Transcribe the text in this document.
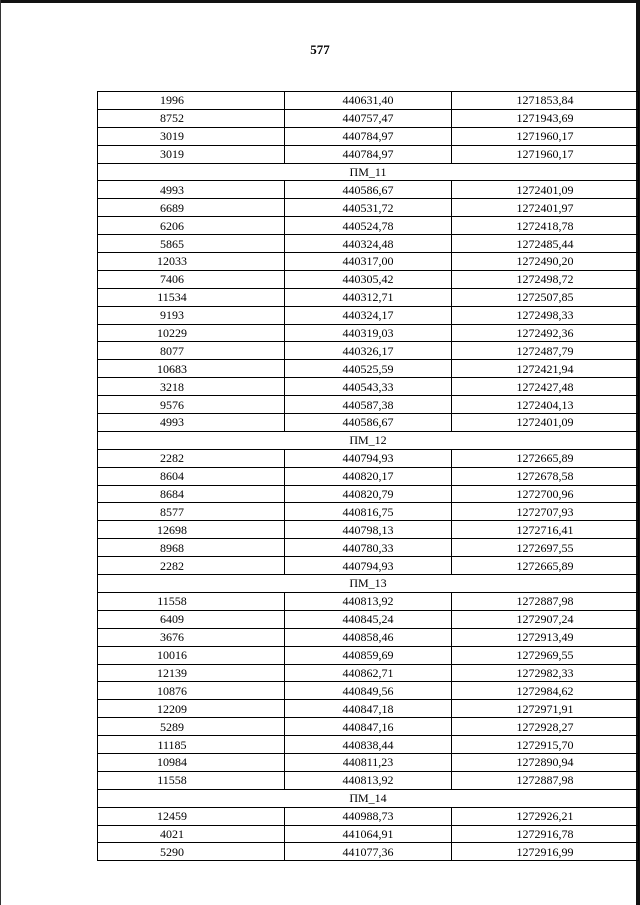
577
1996	440631,40	1271853,84
8752	440757,47	1271943,69
3019	440784,97	1271960,17
3019	440784,97	1271960,17
ПМ_11		
4993	440586,67	1272401,09
6689	440531,72	1272401,97
6206	440524,78	1272418,78
5865	440324,48	1272485,44
12033	440317,00	1272490,20
7406	440305,42	1272498,72
11534	440312,71	1272507,85
9193	440324,17	1272498,33
10229	440319,03	1272492,36
8077	440326,17	1272487,79
10683	440525,59	1272421,94
3218	440543,33	1272427,48
9576	440587,38	1272404,13
4993	440586,67	1272401,09
ПМ_12		
2282	440794,93	1272665,89
8604	440820,17	1272678,58
8684	440820,79	1272700,96
8577	440816,75	1272707,93
12698	440798,13	1272716,41
8968	440780,33	1272697,55
2282	440794,93	1272665,89
ПМ_13		
11558	440813,92	1272887,98
6409	440845,24	1272907,24
3676	440858,46	1272913,49
10016	440859,69	1272969,55
12139	440862,71	1272982,33
10876	440849,56	1272984,62
12209	440847,18	1272971,91
5289	440847,16	1272928,27
11185	440838,44	1272915,70
10984	440811,23	1272890,94
11558	440813,92	1272887,98
ПМ_14		
12459	440988,73	1272926,21
4021	441064,91	1272916,78
5290	441077,36	1272916,99
